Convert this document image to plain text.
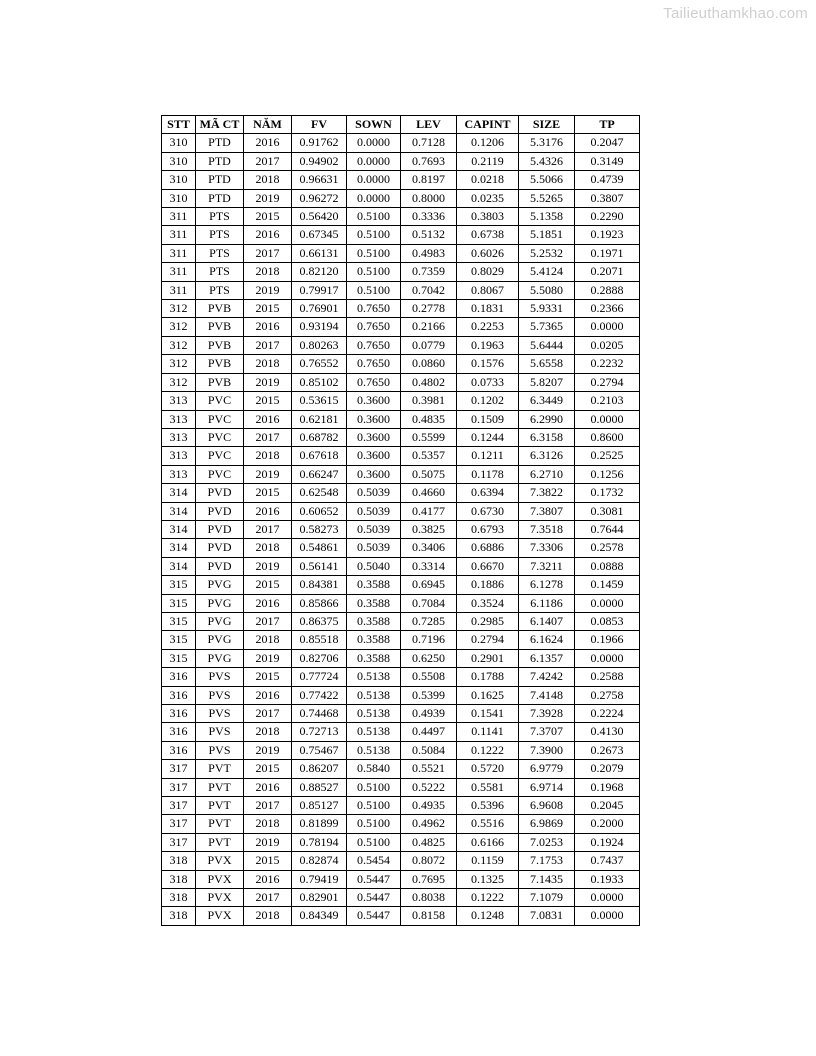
Tailieuthamkhao.com
STT	MÃ CT	NĂM	FV	SOWN	LEV	CAPINT	SIZE	TP
310	PTD	2016	0.91762	0.0000	0.7128	0.1206	5.3176	0.2047
310	PTD	2017	0.94902	0.0000	0.7693	0.2119	5.4326	0.3149
310	PTD	2018	0.96631	0.0000	0.8197	0.0218	5.5066	0.4739
310	PTD	2019	0.96272	0.0000	0.8000	0.0235	5.5265	0.3807
311	PTS	2015	0.56420	0.5100	0.3336	0.3803	5.1358	0.2290
311	PTS	2016	0.67345	0.5100	0.5132	0.6738	5.1851	0.1923
311	PTS	2017	0.66131	0.5100	0.4983	0.6026	5.2532	0.1971
311	PTS	2018	0.82120	0.5100	0.7359	0.8029	5.4124	0.2071
311	PTS	2019	0.79917	0.5100	0.7042	0.8067	5.5080	0.2888
312	PVB	2015	0.76901	0.7650	0.2778	0.1831	5.9331	0.2366
312	PVB	2016	0.93194	0.7650	0.2166	0.2253	5.7365	0.0000
312	PVB	2017	0.80263	0.7650	0.0779	0.1963	5.6444	0.0205
312	PVB	2018	0.76552	0.7650	0.0860	0.1576	5.6558	0.2232
312	PVB	2019	0.85102	0.7650	0.4802	0.0733	5.8207	0.2794
313	PVC	2015	0.53615	0.3600	0.3981	0.1202	6.3449	0.2103
313	PVC	2016	0.62181	0.3600	0.4835	0.1509	6.2990	0.0000
313	PVC	2017	0.68782	0.3600	0.5599	0.1244	6.3158	0.8600
313	PVC	2018	0.67618	0.3600	0.5357	0.1211	6.3126	0.2525
313	PVC	2019	0.66247	0.3600	0.5075	0.1178	6.2710	0.1256
314	PVD	2015	0.62548	0.5039	0.4660	0.6394	7.3822	0.1732
314	PVD	2016	0.60652	0.5039	0.4177	0.6730	7.3807	0.3081
314	PVD	2017	0.58273	0.5039	0.3825	0.6793	7.3518	0.7644
314	PVD	2018	0.54861	0.5039	0.3406	0.6886	7.3306	0.2578
314	PVD	2019	0.56141	0.5040	0.3314	0.6670	7.3211	0.0888
315	PVG	2015	0.84381	0.3588	0.6945	0.1886	6.1278	0.1459
315	PVG	2016	0.85866	0.3588	0.7084	0.3524	6.1186	0.0000
315	PVG	2017	0.86375	0.3588	0.7285	0.2985	6.1407	0.0853
315	PVG	2018	0.85518	0.3588	0.7196	0.2794	6.1624	0.1966
315	PVG	2019	0.82706	0.3588	0.6250	0.2901	6.1357	0.0000
316	PVS	2015	0.77724	0.5138	0.5508	0.1788	7.4242	0.2588
316	PVS	2016	0.77422	0.5138	0.5399	0.1625	7.4148	0.2758
316	PVS	2017	0.74468	0.5138	0.4939	0.1541	7.3928	0.2224
316	PVS	2018	0.72713	0.5138	0.4497	0.1141	7.3707	0.4130
316	PVS	2019	0.75467	0.5138	0.5084	0.1222	7.3900	0.2673
317	PVT	2015	0.86207	0.5840	0.5521	0.5720	6.9779	0.2079
317	PVT	2016	0.88527	0.5100	0.5222	0.5581	6.9714	0.1968
317	PVT	2017	0.85127	0.5100	0.4935	0.5396	6.9608	0.2045
317	PVT	2018	0.81899	0.5100	0.4962	0.5516	6.9869	0.2000
317	PVT	2019	0.78194	0.5100	0.4825	0.6166	7.0253	0.1924
318	PVX	2015	0.82874	0.5454	0.8072	0.1159	7.1753	0.7437
318	PVX	2016	0.79419	0.5447	0.7695	0.1325	7.1435	0.1933
318	PVX	2017	0.82901	0.5447	0.8038	0.1222	7.1079	0.0000
318	PVX	2018	0.84349	0.5447	0.8158	0.1248	7.0831	0.0000
